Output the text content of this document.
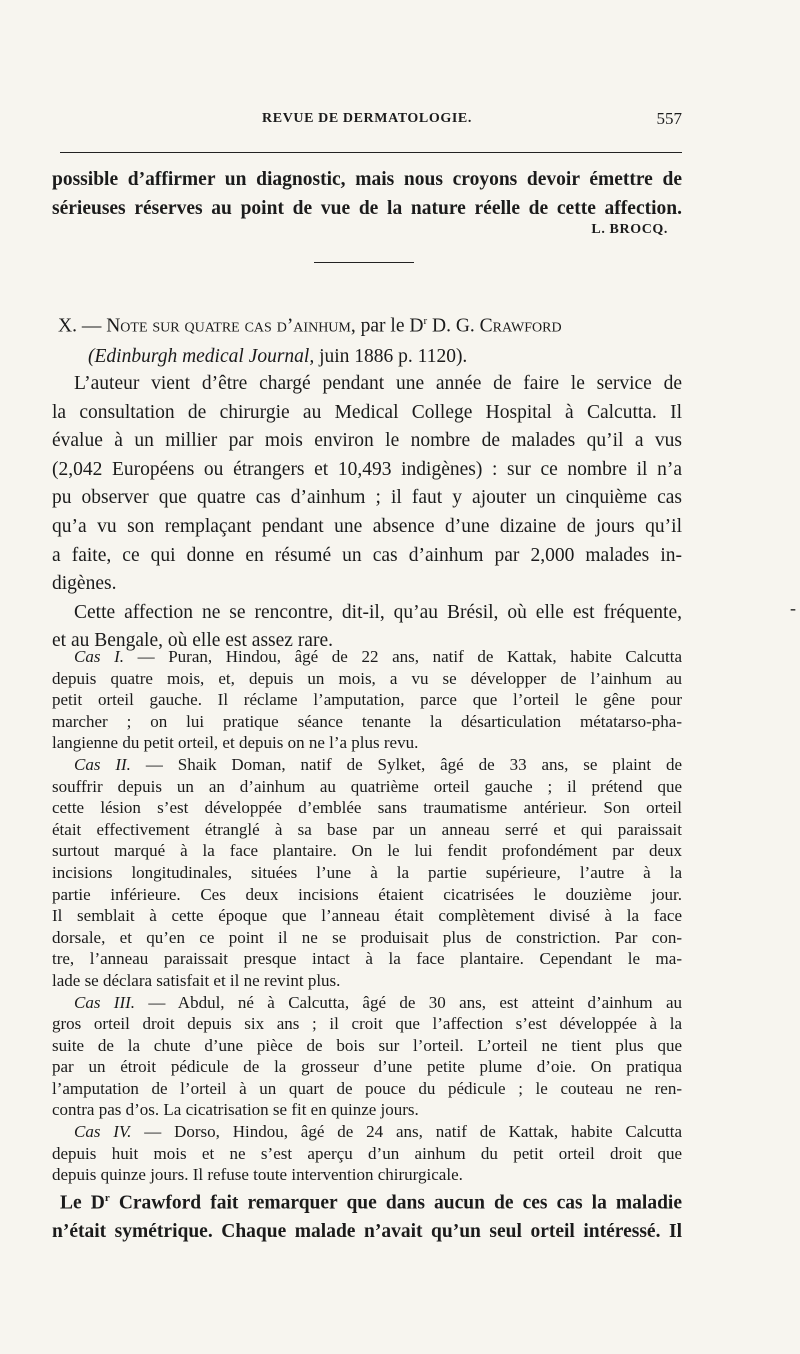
REVUE DE DERMATOLOGIE.	557
possible d’affirmer un diagnostic, mais nous croyons devoir émettre de
sérieuses réserves au point de vue de la nature réelle de cette affection.
L. BROCQ.
X. — Note sur quatre cas d’ainhum, par le $D^r$ D. G. Crawford
(Edinburgh medical Journal, juin 1886 p. 1120).
L’auteur vient d’être chargé pendant une année de faire le service de
la consultation de chirurgie au Medical College Hospital à Calcutta. Il
évalue à un millier par mois environ le nombre de malades qu’il a vus
(2,042 Européens ou étrangers et 10,493 indigènes) : sur ce nombre il n’a
pu observer que quatre cas d’ainhum ; il faut y ajouter un cinquième cas
qu’a vu son remplaçant pendant une absence d’une dizaine de jours qu’il
a faite, ce qui donne en résumé un cas d’ainhum par 2,000 malades in-
digènes.
Cette affection ne se rencontre, dit-il, qu’au Brésil, où elle est fréquente,
et au Bengale, où elle est assez rare.
-
Cas I. — Puran, Hindou, âgé de 22 ans, natif de Kattak, habite Calcutta
depuis quatre mois, et, depuis un mois, a vu se développer de l’ainhum au
petit orteil gauche. Il réclame l’amputation, parce que l’orteil le gêne pour
marcher ; on lui pratique séance tenante la désarticulation métatarso-pha-
langienne du petit orteil, et depuis on ne l’a plus revu.
Cas II. — Shaik Doman, natif de Sylket, âgé de 33 ans, se plaint de
souffrir depuis un an d’ainhum au quatrième orteil gauche ; il prétend que
cette lésion s’est développée d’emblée sans traumatisme antérieur. Son orteil
était effectivement étranglé à sa base par un anneau serré et qui paraissait
surtout marqué à la face plantaire. On le lui fendit profondément par deux
incisions longitudinales, situées l’une à la partie supérieure, l’autre à la
partie inférieure. Ces deux incisions étaient cicatrisées le douzième jour.
Il semblait à cette époque que l’anneau était complètement divisé à la face
dorsale, et qu’en ce point il ne se produisait plus de constriction. Par con-
tre, l’anneau paraissait presque intact à la face plantaire. Cependant le ma-
lade se déclara satisfait et il ne revint plus.
Cas III. — Abdul, né à Calcutta, âgé de 30 ans, est atteint d’ainhum au
gros orteil droit depuis six ans ; il croit que l’affection s’est développée à la
suite de la chute d’une pièce de bois sur l’orteil. L’orteil ne tient plus que
par un étroit pédicule de la grosseur d’une petite plume d’oie. On pratiqua
l’amputation de l’orteil à un quart de pouce du pédicule ; le couteau ne ren-
contra pas d’os. La cicatrisation se fit en quinze jours.
Cas IV. — Dorso, Hindou, âgé de 24 ans, natif de Kattak, habite Calcutta
depuis huit mois et ne s’est aperçu d’un ainhum du petit orteil droit que
depuis quinze jours. Il refuse toute intervention chirurgicale.
Le $D^r$ Crawford fait remarquer que dans aucun de ces cas la maladie
n’était symétrique. Chaque malade n’avait qu’un seul orteil intéressé. Il
